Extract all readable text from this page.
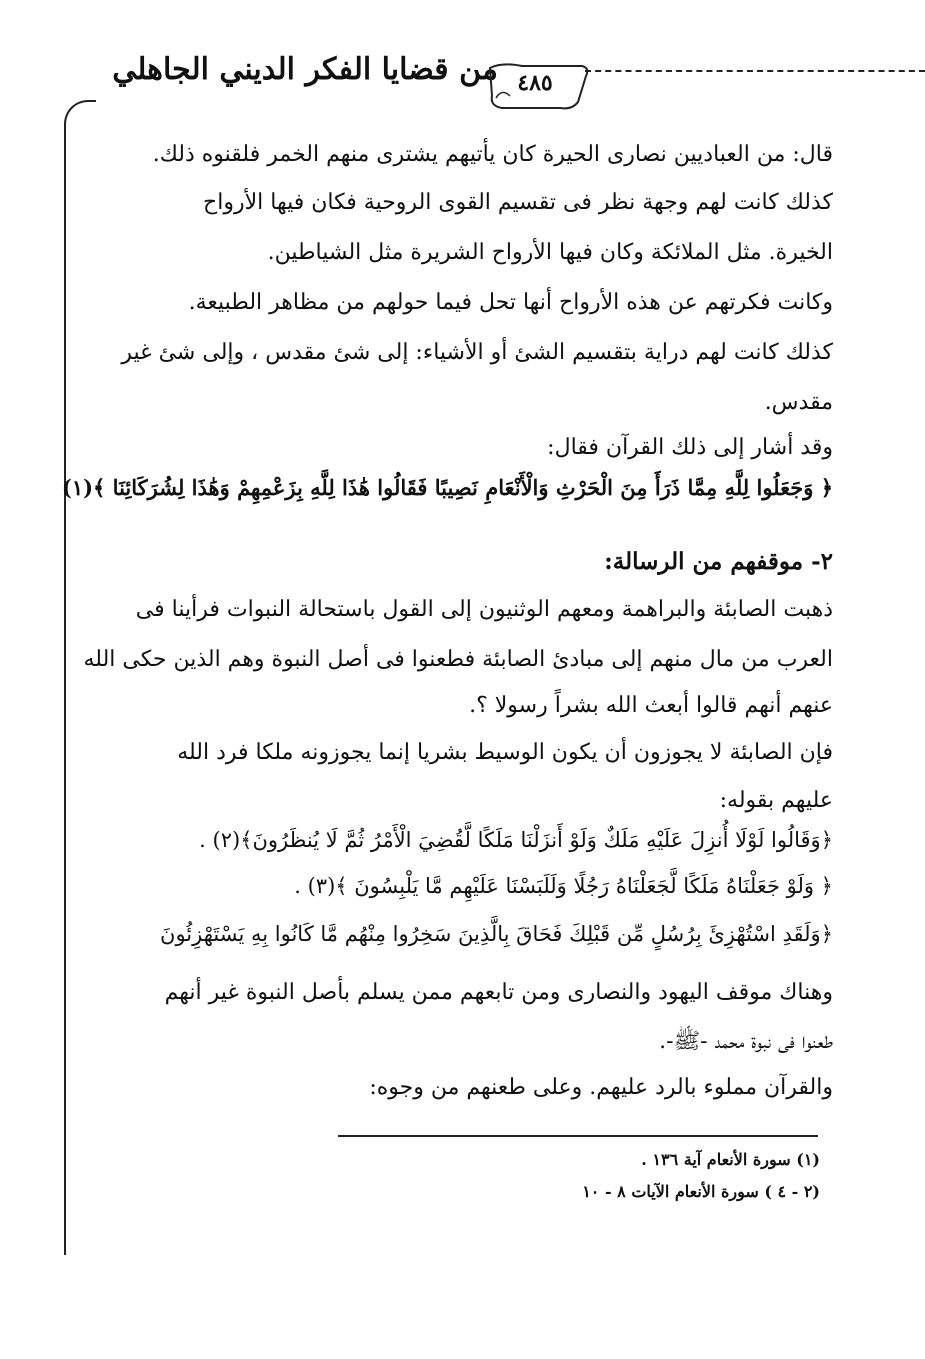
من قضايا الفكر الديني الجاهلي ٤٨٥
قال: من العباديين نصارى الحيرة كان يأتيهم يشترى منهم الخمر فلقنوه ذلك.
كذلك كانت لهم وجهة نظر فى تقسيم القوى الروحية فكان فيها الأرواح
الخيرة. مثل الملائكة وكان فيها الأرواح الشريرة مثل الشياطين.
وكانت فكرتهم عن هذه الأرواح أنها تحل فيما حولهم من مظاهر الطبيعة.
كذلك كانت لهم دراية بتقسيم الشئ أو الأشياء: إلى شئ مقدس ، وإلى شئ غير
مقدس.
وقد أشار إلى ذلك القرآن فقال:
﴿ وَجَعَلُوا لِلَّهِ مِمَّا ذَرَأَ مِنَ الْحَرْثِ وَالْأَنْعَامِ نَصِيبًا فَقَالُوا هَٰذَا لِلَّهِ بِزَعْمِهِمْ وَهَٰذَا لِشُرَكَائِنَا ﴾(١)
٢- موقفهم من الرسالة:
ذهبت الصابئة والبراهمة ومعهم الوثنيون إلى القول باستحالة النبوات فرأينا فى
العرب من مال منهم إلى مبادئ الصابئة فطعنوا فى أصل النبوة وهم الذين حكى الله
عنهم أنهم قالوا أبعث الله بشراً رسولا ؟.
فإن الصابئة لا يجوزون أن يكون الوسيط بشريا إنما يجوزونه ملكا فرد الله
عليهم بقوله:
﴿وَقَالُوا لَوْلَا أُنزِلَ عَلَيْهِ مَلَكٌ وَلَوْ أَنزَلْنَا مَلَكًا لَّقُضِيَ الْأَمْرُ ثُمَّ لَا يُنظَرُونَ﴾(٢) .
﴿ وَلَوْ جَعَلْنَاهُ مَلَكًا لَّجَعَلْنَاهُ رَجُلًا وَلَلَبَسْنَا عَلَيْهِم مَّا يَلْبِسُونَ ﴾(٣) .
﴿وَلَقَدِ اسْتُهْزِئَ بِرُسُلٍ مِّن قَبْلِكَ فَحَاقَ بِالَّذِينَ سَخِرُوا مِنْهُم مَّا كَانُوا بِهِ يَسْتَهْزِئُونَ
وهناك موقف اليهود والنصارى ومن تابعهم ممن يسلم بأصل النبوة غير أنهم
طعنوا فى نبوة محمد -ﷺ-.
والقرآن مملوء بالرد عليهم. وعلى طعنهم من وجوه:
(١) سورة الأنعام آية ١٣٦ .
(٢ - ٤ ) سورة الأنعام الآيات ٨ - ١٠
